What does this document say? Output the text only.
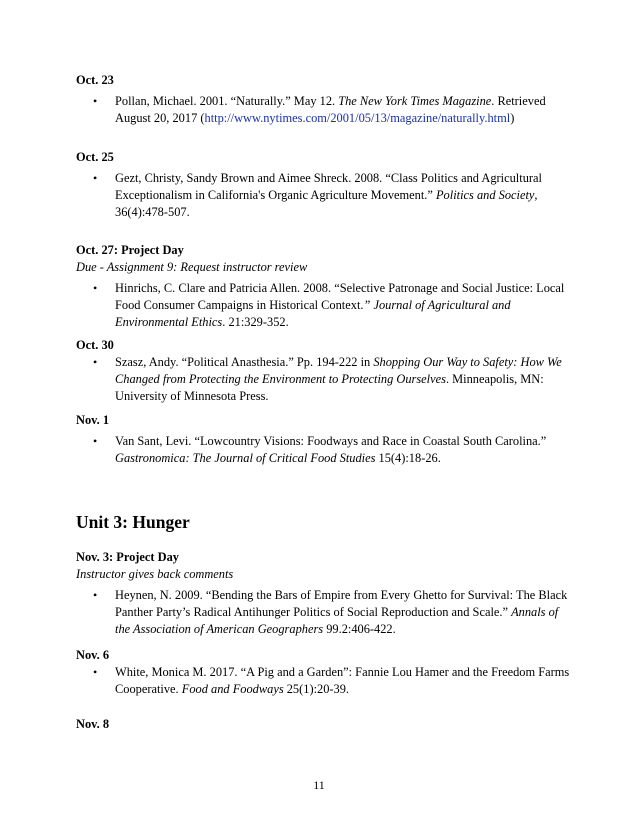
Oct. 23
• Pollan, Michael. 2001. “Naturally.” May 12. The New York Times Magazine. Retrieved August 20, 2017 (http://www.nytimes.com/2001/05/13/magazine/naturally.html)
Oct. 25
• Gezt, Christy, Sandy Brown and Aimee Shreck. 2008. “Class Politics and Agricultural Exceptionalism in California's Organic Agriculture Movement.” Politics and Society, 36(4):478-507.
Oct. 27: Project Day
Due - Assignment 9: Request instructor review
• Hinrichs, C. Clare and Patricia Allen. 2008. “Selective Patronage and Social Justice: Local Food Consumer Campaigns in Historical Context.” Journal of Agricultural and Environmental Ethics. 21:329-352.
Oct. 30
• Szasz, Andy. “Political Anasthesia.” Pp. 194-222 in Shopping Our Way to Safety: How We Changed from Protecting the Environment to Protecting Ourselves. Minneapolis, MN: University of Minnesota Press.
Nov. 1
• Van Sant, Levi. “Lowcountry Visions: Foodways and Race in Coastal South Carolina.” Gastronomica: The Journal of Critical Food Studies 15(4):18-26.
Unit 3: Hunger
Nov. 3: Project Day
Instructor gives back comments
• Heynen, N. 2009. “Bending the Bars of Empire from Every Ghetto for Survival: The Black Panther Party’s Radical Antihunger Politics of Social Reproduction and Scale.” Annals of the Association of American Geographers 99.2:406-422.
Nov. 6
• White, Monica M. 2017. “A Pig and a Garden”: Fannie Lou Hamer and the Freedom Farms Cooperative. Food and Foodways 25(1):20-39.
Nov. 8
11
